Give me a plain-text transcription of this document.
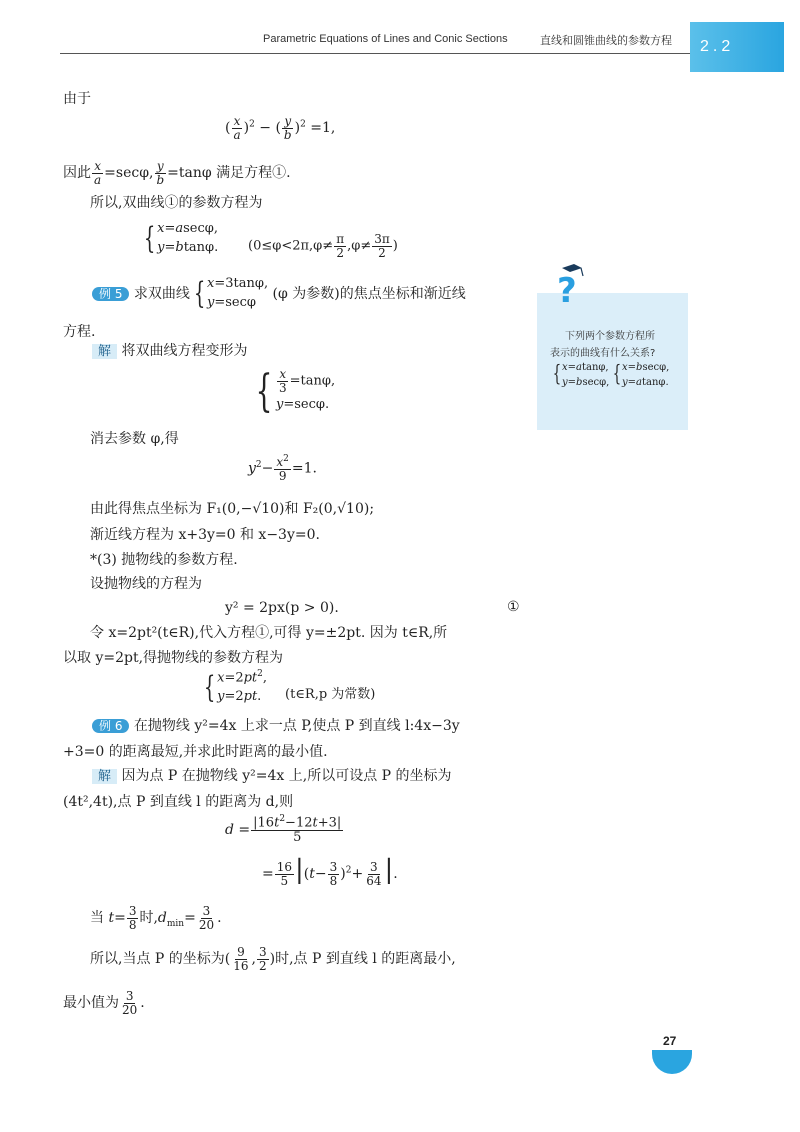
Parametric Equations of Lines and Conic Sections	直线和圆锥曲线的参数方程 2.2
由于
( $\frac{x}{a} )^2$ − ( $\frac{y}{b} )^2 =1$,
因此 $\frac{x}{a} =\sec\varphi$, $\frac{y}{b} =\tan\varphi$ 满足方程①.
所以,双曲线①的参数方程为
{ x=asecφ,
y=btanφ. ($0\le\varphi<2\pi,\varphi\ne \frac{\pi}{2} ,\varphi\ne \frac{3\pi}{2}$ )
例 5 求双曲线 { x=3tanφ,
y=secφ
(φ 为参数)的焦点坐标和渐近线
方程.
解 将双曲线方程变形为
{ $\frac{x}{3} =\tan\varphi$,
y=secφ.
消去参数 φ,得
$y^2- \frac{x^2}{9} =1$.
由此得焦点坐标为 F₁(0,−√10)和 F₂(0,√10);
渐近线方程为 x+3y=0 和 x−3y=0.
*(3) 抛物线的参数方程.
设抛物线的方程为
y² = 2px(p > 0).	①
令 x=2pt²(t∈R),代入方程①,可得 y=±2pt. 因为 t∈R,所
以取 y=2pt,得抛物线的参数方程为
{ $x=2pt^2$,
y=2pt.	(t∈R,p 为常数)
例 6 在抛物线 y²=4x 上求一点 P,使点 P 到直线 l:4x−3y
+3=0 的距离最短,并求此时距离的最小值.
解 因为点 P 在抛物线 y²=4x 上,所以可设点 P 的坐标为
(4t²,4t),点 P 到直线 l 的距离为 d,则
$d = \frac{|16t^2-12t+3|}{5}$
= $\frac{16}{5} |(t- \frac{3}{8} )^2+ \frac{3}{64}$ |.
当 $t= \frac{3}{8}$ 时$,d_{min}= \frac{3}{20}$ .
所以,当点 P 的坐标为( $\frac{9}{16}$ , $\frac{3}{2}$ )时,点 P 到直线 l 的距离最小,
最小值为 $\frac{3}{20}$ .
?
下列两个参数方程所
表示的曲线有什么关系?
{ x=atanφ,
y=bsecφ, { x=bsecφ,
y=atanφ.
27
